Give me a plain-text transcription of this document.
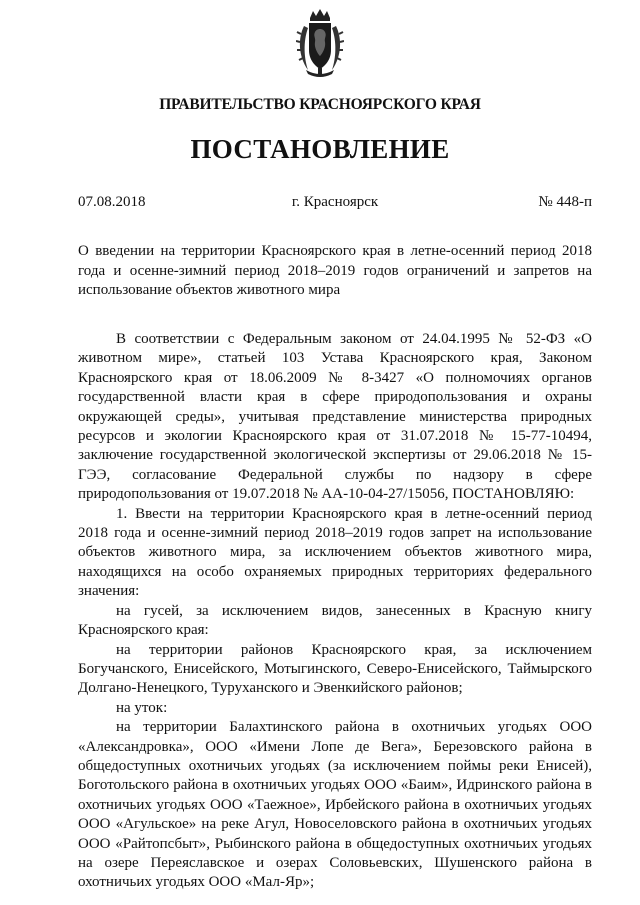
ПРАВИТЕЛЬСТВО КРАСНОЯРСКОГО КРАЯ
ПОСТАНОВЛЕНИЕ
07.08.2018	г. Красноярск	№ 448-п
О введении на территории Красноярского края в летне-осенний период 2018 года и осенне-зимний период 2018–2019 годов ограничений и запретов на использование объектов животного мира

В соответствии с Федеральным законом от 24.04.1995 № 52-ФЗ «О животном мире», статьей 103 Устава Красноярского края, Законом Красноярского края от 18.06.2009 № 8-3427 «О полномочиях органов государственной власти края в сфере природопользования и охраны окружающей среды», учитывая представление министерства природных ресурсов и экологии Красноярского края от 31.07.2018 № 15-77-10494, заключение государственной экологической экспертизы от 29.06.2018 № 15-ГЭЭ, согласование Федеральной службы по надзору в сфере природопользования от 19.07.2018 № АА-10-04-27/15056, ПОСТАНОВЛЯЮ:

1. Ввести на территории Красноярского края в летне-осенний период 2018 года и осенне-зимний период 2018–2019 годов запрет на использование объектов животного мира, за исключением объектов животного мира, находящихся на особо охраняемых природных территориях федерального значения:

на гусей, за исключением видов, занесенных в Красную книгу Красноярского края:

на территории районов Красноярского края, за исключением Богучанского, Енисейского, Мотыгинского, Северо-Енисейского, Таймырского Долгано-Ненецкого, Туруханского и Эвенкийского районов;

на уток:

на территории Балахтинского района в охотничьих угодьях ООО «Александровка», ООО «Имени Лопе де Вега», Березовского района в общедоступных охотничьих угодьях (за исключением поймы реки Енисей), Боготольского района в охотничьих угодьях ООО «Баим», Идринского района в охотничьих угодьях ООО «Таежное», Ирбейского района в охотничьих угодьях ООО «Агульское» на реке Агул, Новоселовского района в охотничьих угодьях ООО «Райтопсбыт», Рыбинского района в общедоступных охотничьих угодьях на озере Переяславское и озерах Соловьевских, Шушенского района в охотничьих угодьях ООО «Мал-Яр»;
